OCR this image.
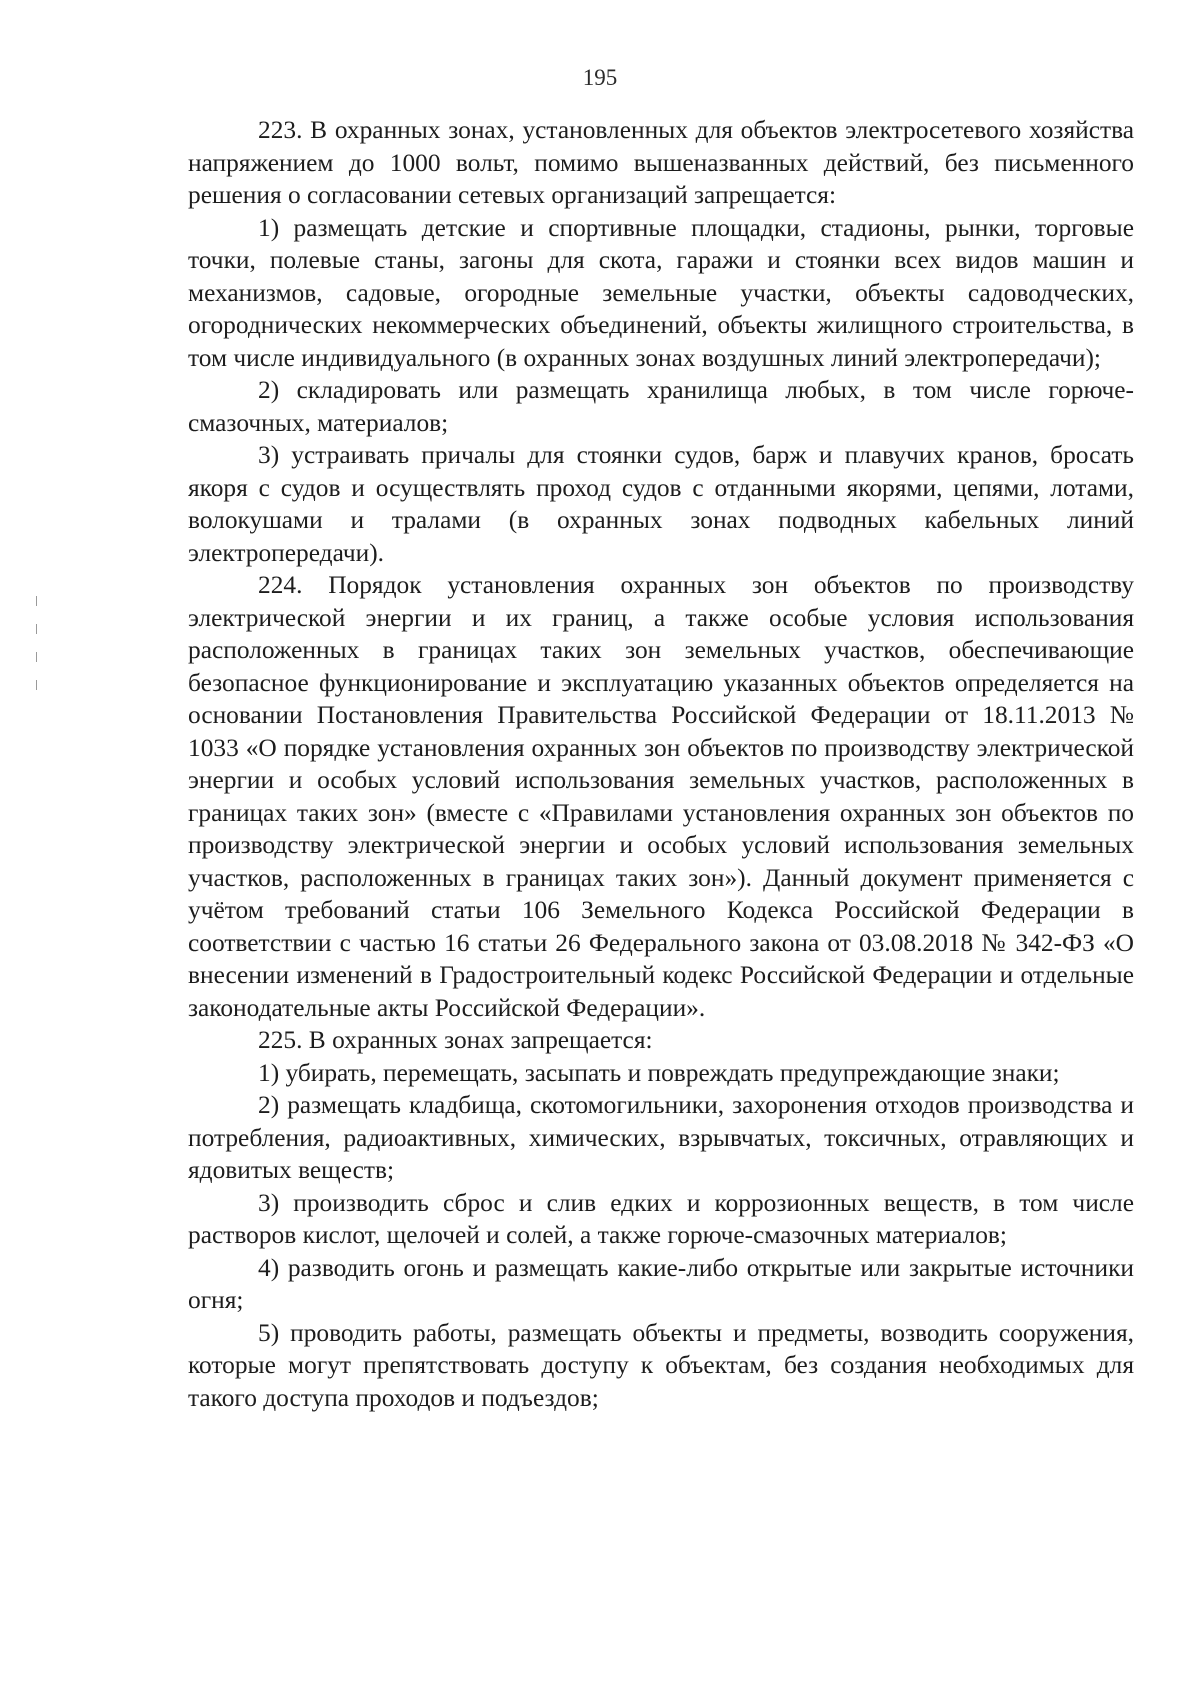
195

223. В охранных зонах, установленных для объектов электросетевого хозяйства напряжением до 1000 вольт, помимо вышеназванных действий, без письменного решения о согласовании сетевых организаций запрещается:

1) размещать детские и спортивные площадки, стадионы, рынки, торговые точки, полевые станы, загоны для скота, гаражи и стоянки всех видов машин и механизмов, садовые, огородные земельные участки, объекты садоводческих, огороднических некоммерческих объединений, объекты жилищного строительства, в том числе индивидуального (в охранных зонах воздушных линий электропередачи);

2) складировать или размещать хранилища любых, в том числе горюче-смазочных, материалов;

3) устраивать причалы для стоянки судов, барж и плавучих кранов, бросать якоря с судов и осуществлять проход судов с отданными якорями, цепями, лотами, волокушами и тралами (в охранных зонах подводных кабельных линий электропередачи).

224. Порядок установления охранных зон объектов по производству электрической энергии и их границ, а также особые условия использования расположенных в границах таких зон земельных участков, обеспечивающие безопасное функционирование и эксплуатацию указанных объектов определяется на основании Постановления Правительства Российской Федерации от 18.11.2013 № 1033 «О порядке установления охранных зон объектов по производству электрической энергии и особых условий использования земельных участков, расположенных в границах таких зон» (вместе с «Правилами установления охранных зон объектов по производству электрической энергии и особых условий использования земельных участков, расположенных в границах таких зон»). Данный документ применяется с учётом требований статьи 106 Земельного Кодекса Российской Федерации в соответствии с частью 16 статьи 26 Федерального закона от 03.08.2018 № 342-ФЗ «О внесении изменений в Градостроительный кодекс Российской Федерации и отдельные законодательные акты Российской Федерации».

225. В охранных зонах запрещается:

1) убирать, перемещать, засыпать и повреждать предупреждающие знаки;

2) размещать кладбища, скотомогильники, захоронения отходов производства и потребления, радиоактивных, химических, взрывчатых, токсичных, отравляющих и ядовитых веществ;

3) производить сброс и слив едких и коррозионных веществ, в том числе растворов кислот, щелочей и солей, а также горюче-смазочных материалов;

4) разводить огонь и размещать какие-либо открытые или закрытые источники огня;

5) проводить работы, размещать объекты и предметы, возводить сооружения, которые могут препятствовать доступу к объектам, без создания необходимых для такого доступа проходов и подъездов;
